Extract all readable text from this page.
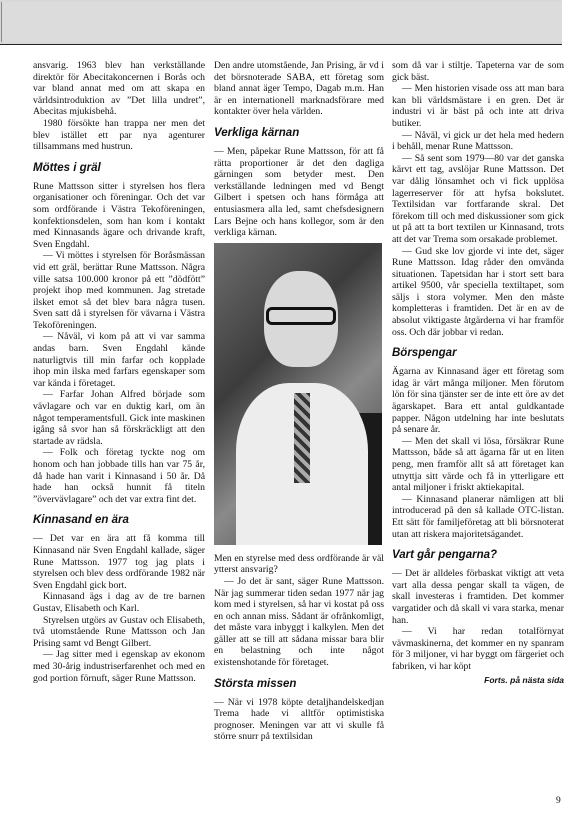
ansvarig. 1963 blev han verkställande direktör för Abecitakoncernen i Borås och var bland annat med om att skapa en världsintroduktion av ”Det lilla undret”, Abecitas mjukisbehå.

1980 försökte han trappa ner men det blev istället ett par nya agenturer tillsammans med hustrun.

Möttes i gräl

Rune Mattsson sitter i styrelsen hos flera organisationer och föreningar. Och det var som ordförande i Västra Tekoföreningen, konfektionsdelen, som han kom i kontakt med Kinnasands ägare och drivande kraft, Sven Engdahl.

— Vi möttes i styrelsen för Boråsmässan vid ett gräl, berättar Rune Mattsson. Några ville satsa 100.000 kronor på ett ”dödfött” projekt ihop med kommunen. Jag stretade ilsket emot så det blev bara några tusen. Sven satt då i styrelsen för vävarna i Västra Tekoföreningen.

— Nåväl, vi kom på att vi var samma andas barn. Sven Engdahl kände naturligtvis till min farfar och kopplade ihop min ilska med farfars egenskaper som var kända i företaget.

— Farfar Johan Alfred började som vävlagare och var en duktig karl, om än något temperamentsfull. Gick inte maskinen igång så svor han så förskräckligt att den startade av rädsla.

— Folk och företag tyckte nog om honom och han jobbade tills han var 75 år, då hade han varit i Kinnasand i 50 år. Då hade han också hunnit få titeln ”övervävlagare” och det var extra fint det.

Kinnasand en ära

— Det var en ära att få komma till Kinnasand när Sven Engdahl kallade, säger Rune Mattsson. 1977 tog jag plats i styrelsen och blev dess ordförande 1982 när Sven Engdahl gick bort.

Kinnasand ägs i dag av de tre barnen Gustav, Elisabeth och Karl.

Styrelsen utgörs av Gustav och Elisabeth, två utomstående Rune Mattsson och Jan Prising samt vd Bengt Gilbert.

— Jag sitter med i egenskap av ekonom med 30-årig industriserfarenhet och med en god portion förnuft, säger Rune Mattsson.

Den andre utomstående, Jan Prising, är vd i det börsnoterade SABA, ett företag som bland annat äger Tempo, Dagab m.m. Han är en internationell marknadsförare med kontakter över hela världen.

Verkliga kärnan

— Men, påpekar Rune Mattsson, för att få rätta proportioner är det den dagliga gärningen som betyder mest. Den verkställande ledningen med vd Bengt Gilbert i spetsen och hans förmåga att entusiasmera alla led, samt chefsdesignern Lars Bejne och hans kollegor, som är den verkliga kärnan.

Men en styrelse med dess ordförande är väl ytterst ansvarig?

— Jo det är sant, säger Rune Mattsson. När jag summerar tiden sedan 1977 när jag kom med i styrelsen, så har vi kostat på oss en och annan miss. Sådant är ofrånkomligt, det måste vara inbyggt i kalkylen. Men det gäller att se till att sådana missar bara blir en belastning och inte något existenshotande för företaget.

Största missen

— När vi 1978 köpte detaljhandelskedjan Trema hade vi alltför optimistiska prognoser. Meningen var att vi skulle få större snurr på textilsidan

som då var i stiltje. Tapeterna var de som gick bäst.

— Men historien visade oss att man bara kan bli världsmästare i en gren. Det är industri vi är bäst på och inte att driva butiker.

— Nåväl, vi gick ur det hela med hedern i behåll, menar Rune Mattsson.

— Så sent som 1979—80 var det ganska kärvt ett tag, avslöjar Rune Mattsson. Det var dålig lönsamhet och vi fick upplösa lagerreserver för att hyfsa bokslutet. Textilsidan var fortfarande skral. Det förekom till och med diskussioner som gick ut på att ta bort textilen ur Kinnasand, trots att det var Trema som orsakade problemet.

— Gud ske lov gjorde vi inte det, säger Rune Mattsson. Idag råder den omvända situationen. Tapetsidan har i stort sett bara artikel 9500, vår speciella textiltapet, som säljs i stora volymer. Men den måste kompletteras i framtiden. Det är en av de absolut viktigaste åtgärderna vi har framför oss. Och där jobbar vi redan.

Börspengar

Ägarna av Kinnasand äger ett företag som idag är värt många miljoner. Men förutom lön för sina tjänster ser de inte ett öre av det ägarskapet. Bara ett antal guldkantade papper. Någon utdelning har inte beslutats på senare år.

— Men det skall vi lösa, försäkrar Rune Mattsson, både så att ägarna får ut en liten peng, men framför allt så att företaget kan utnyttja sitt värde och få in ytterligare ett antal miljoner i friskt aktiekapital.

— Kinnasand planerar nämligen att bli introducerad på den så kallade OTC-listan. Ett sätt för familjeföretag att bli börsnoterat utan att riskera majoritetsägandet.

Vart går pengarna?

— Det är alldeles förbaskat viktigt att veta vart alla dessa pengar skall ta vägen, de skall investeras i framtiden. Det kommer vargatider och då skall vi vara starka, menar han.

— Vi har redan totalförnyat vävmaskinerna, det kommer en ny spanram för 3 miljoner, vi har byggt om färgeriet och fabriken, vi har köpt

Forts. på nästa sida
9
